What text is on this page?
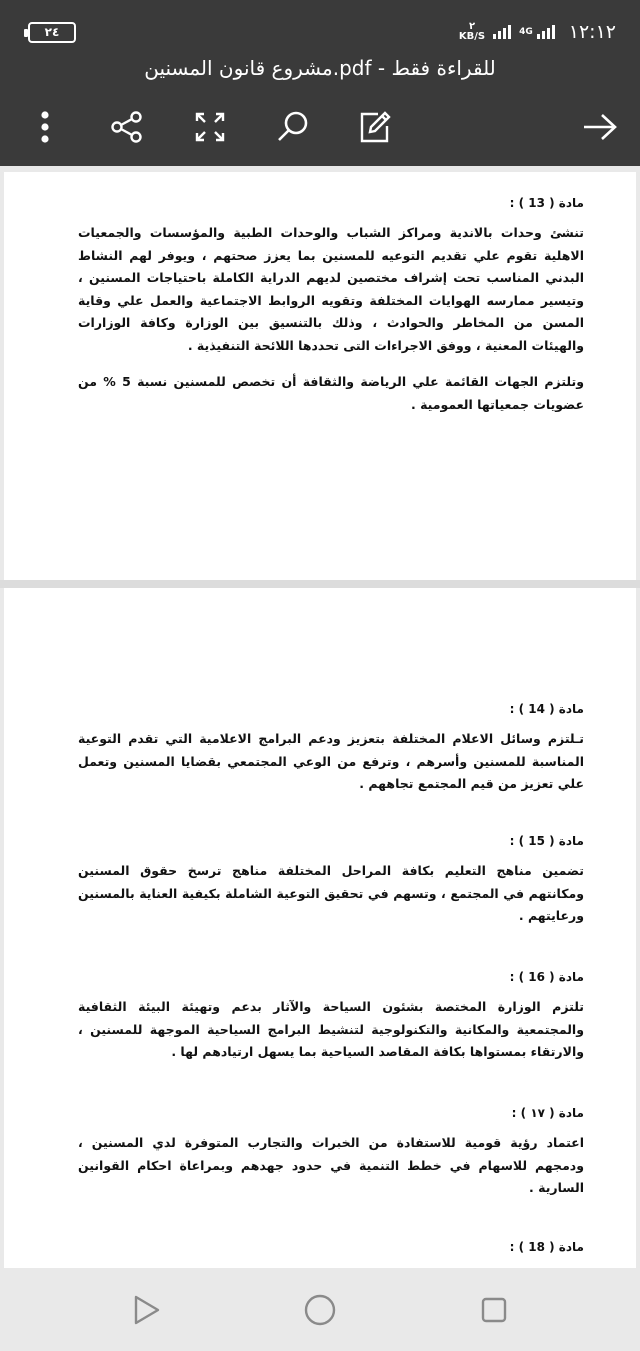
٢٤	٢
KB/S	4G ١٢:١٢
مشروع قانون المسنين.pdf - للقراءة فقط
مادة ( 13 ) :
تنشئ وحدات بالاندية ومراكز الشباب والوحدات الطبية والمؤسسات والجمعيات الاهلية تقوم علي تقديم التوعيه للمسنين بما يعزز صحتهم ، ويوفر لهم النشاط البدني المناسب تحت إشراف مختصين لديهم الدراية الكاملة باحتياجات المسنين ، وتيسير ممارسه الهوايات المختلفة وتقويه الروابط الاجتماعية والعمل علي وقاية المسن من المخاطر والحوادث ، وذلك بالتنسيق بين الوزارة وكافة الوزارات والهيئات المعنية ، ووفق الاجراءات التى تحددها اللائحة التنفيذية .
وتلتزم الجهات القائمة علي الرياضة والثقافة أن تخصص للمسنين نسبة 5 % من عضويات جمعياتها العمومية .
مادة ( 14 ) :
تـلتزم وسائل الاعلام المختلفة بتعزيز ودعم البرامج الاعلامية التي تقدم التوعية المناسبة للمسنين وأسرهم ، وترفع من الوعي المجتمعي بقضايا المسنين وتعمل علي تعزيز من قيم المجتمع تجاههم .
مادة ( 15 ) :
تضمين مناهج التعليم بكافة المراحل المختلفة مناهج ترسخ حقوق المسنين ومكانتهم في المجتمع ، وتسهم في تحقيق التوعية الشاملة بكيفية العناية بالمسنين ورعايتهم .
مادة ( 16 ) :
تلتزم الوزارة المختصة بشئون السياحة والآثار بدعم وتهيئة البيئة الثقافية والمجتمعية والمكانية والتكنولوجية لتنشيط البرامج السياحية الموجهة للمسنين ، والارتقاء بمستواها بكافة المقاصد السياحية بما يسهل ارتيادهم لها .
مادة ( ١٧ ) :
اعتماد رؤية قومية للاستفادة من الخبرات والتجارب المتوفرة لدي المسنين ، ودمجهم للاسهام في خطط التنمية في حدود جهدهم وبمراعاة احكام القوانين السارية .
مادة ( 18 ) :
